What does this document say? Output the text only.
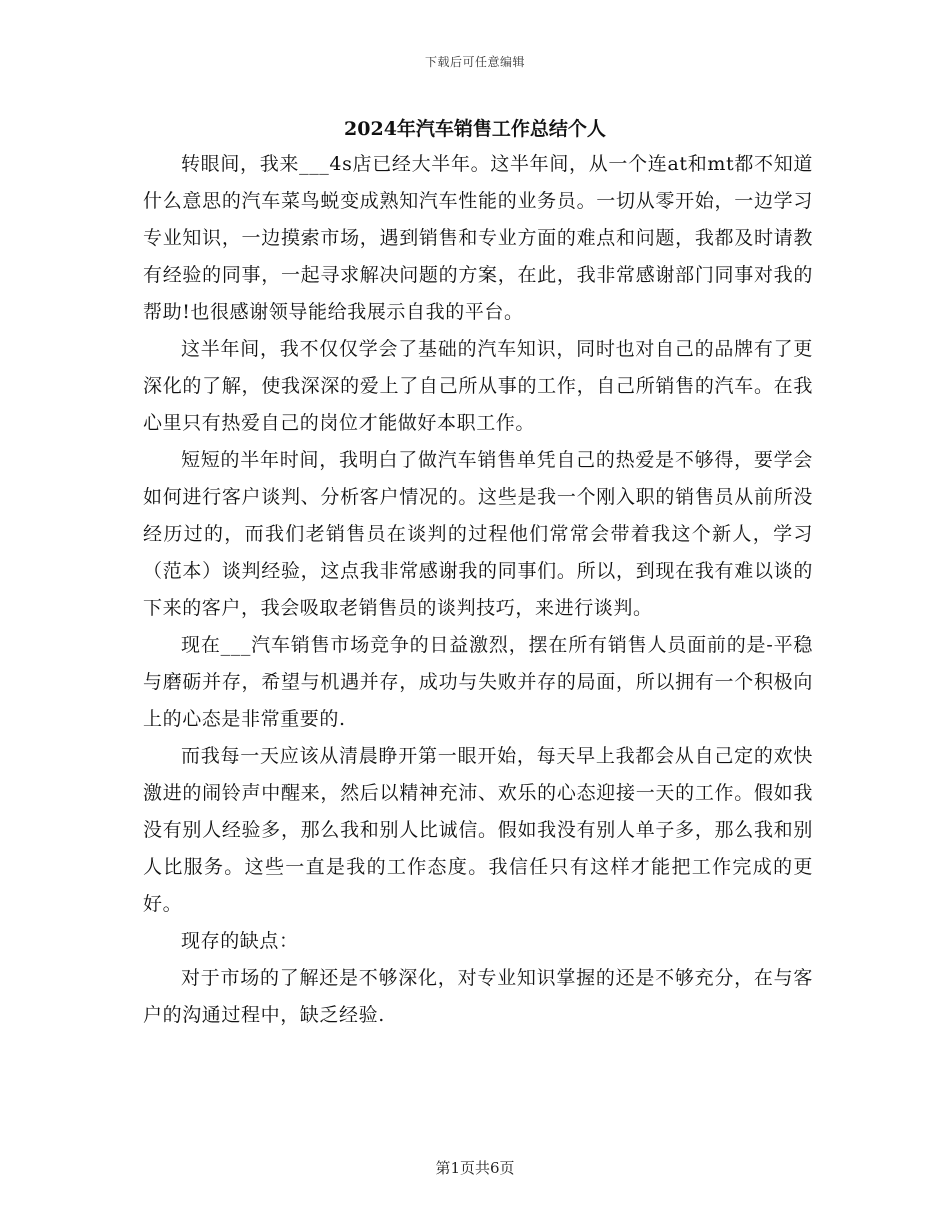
下载后可任意编辑
2024年汽车销售工作总结个人

转眼间，我来___4s店已经大半年。这半年间，从一个连at和mt都不知道什么意思的汽车菜鸟蜕变成熟知汽车性能的业务员。一切从零开始，一边学习专业知识，一边摸索市场，遇到销售和专业方面的难点和问题，我都及时请教有经验的同事，一起寻求解决问题的方案，在此，我非常感谢部门同事对我的帮助!也很感谢领导能给我展示自我的平台。

这半年间，我不仅仅学会了基础的汽车知识，同时也对自己的品牌有了更深化的了解，使我深深的爱上了自己所从事的工作，自己所销售的汽车。在我心里只有热爱自己的岗位才能做好本职工作。

短短的半年时间，我明白了做汽车销售单凭自己的热爱是不够得，要学会如何进行客户谈判、分析客户情况的。这些是我一个刚入职的销售员从前所没经历过的，而我们老销售员在谈判的过程他们常常会带着我这个新人，学习（范本）谈判经验，这点我非常感谢我的同事们。所以，到现在我有难以谈的下来的客户，我会吸取老销售员的谈判技巧，来进行谈判。

现在___汽车销售市场竞争的日益激烈，摆在所有销售人员面前的是-平稳与磨砺并存，希望与机遇并存，成功与失败并存的局面，所以拥有一个积极向上的心态是非常重要的.

而我每一天应该从清晨睁开第一眼开始，每天早上我都会从自己定的欢快激进的闹铃声中醒来，然后以精神充沛、欢乐的心态迎接一天的工作。假如我没有别人经验多，那么我和别人比诚信。假如我没有别人单子多，那么我和别人比服务。这些一直是我的工作态度。我信任只有这样才能把工作完成的更好。

现存的缺点：

对于市场的了解还是不够深化，对专业知识掌握的还是不够充分，在与客户的沟通过程中，缺乏经验.

第1页共6页
